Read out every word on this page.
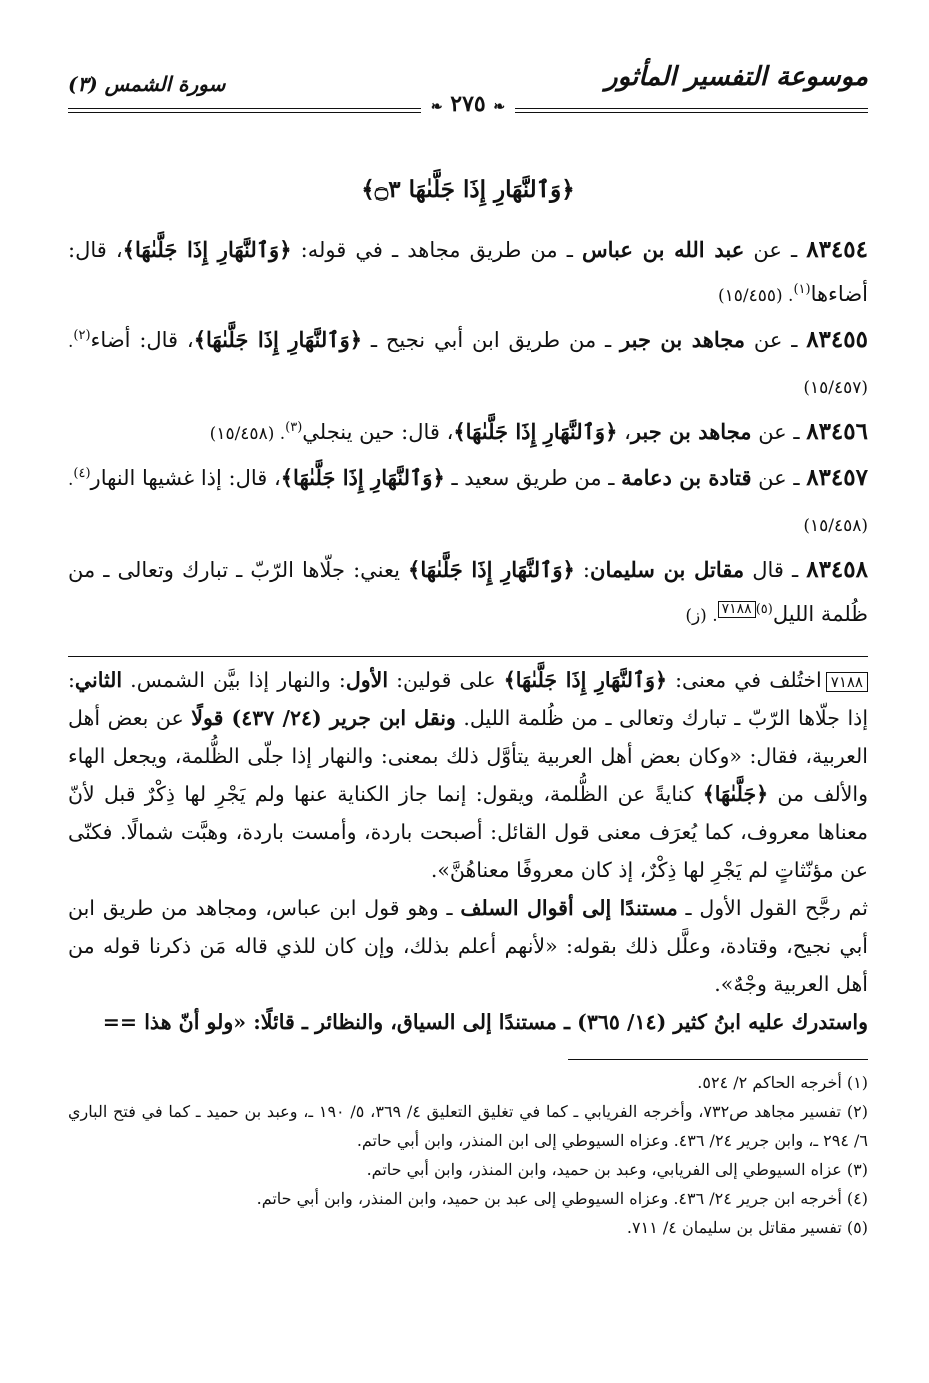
موسوعة التفسير المأثور
سورة الشمس (٣)
❧ ٢٧٥ ❧
﴿وَٱلنَّهَارِ إِذَا جَلَّىٰهَا ۝٣﴾

٨٣٤٥٤ ـ عن عبد الله بن عباس ـ من طريق مجاهد ـ في قوله: ﴿وَٱلنَّهَارِ إِذَا جَلَّىٰهَا﴾، قال: أضاءها$^{(١)}$. (١٥/٤٥٥)

٨٣٤٥٥ ـ عن مجاهد بن جبر ـ من طريق ابن أبي نجيح ـ ﴿وَٱلنَّهَارِ إِذَا جَلَّىٰهَا﴾، قال: أضاء$^{(٢)}$. (١٥/٤٥٧)

٨٣٤٥٦ ـ عن مجاهد بن جبر، ﴿وَٱلنَّهَارِ إِذَا جَلَّىٰهَا﴾، قال: حين ينجلي$^{(٣)}$. (١٥/٤٥٨)

٨٣٤٥٧ ـ عن قتادة بن دعامة ـ من طريق سعيد ـ ﴿وَٱلنَّهَارِ إِذَا جَلَّىٰهَا﴾، قال: إذا غشيها النهار$^{(٤)}$. (١٥/٤٥٨)

٨٣٤٥٨ ـ قال مقاتل بن سليمان: ﴿وَٱلنَّهَارِ إِذَا جَلَّىٰهَا﴾ يعني: جلّاها الرّبّ ـ تبارك وتعالى ـ من ظُلمة الليل$^{(٥)}$٧١٨٨. (ز)

٧١٨٨اختُلف في معنى: ﴿وَٱلنَّهَارِ إِذَا جَلَّىٰهَا﴾ على قولين: الأول: والنهار إذا بيَّن الشمس. الثاني: إذا جلّاها الرّبّ ـ تبارك وتعالى ـ من ظُلمة الليل. ونقل ابن جرير (٢٤/ ٤٣٧) قولًا عن بعض أهل العربية، فقال: «وكان بعض أهل العربية يتأوَّل ذلك بمعنى: والنهار إذا جلّى الظُّلمة، ويجعل الهاء والألف من ﴿جَلَّىٰهَا﴾ كنايةً عن الظُّلمة، ويقول: إنما جاز الكناية عنها ولم يَجْرِ لها ذِكْرٌ قبل لأنّ معناها معروف، كما يُعرَف معنى قول القائل: أصبحت باردة، وأمست باردة، وهبَّت شمالًا. فكنّى عن مؤنّثاتٍ لم يَجْرِ لها ذِكْرٌ، إذ كان معروفًا معناهُنَّ».

ثم رجَّح القول الأول ـ مستندًا إلى أقوال السلف ـ وهو قول ابن عباس، ومجاهد من طريق ابن أبي نجيح، وقتادة، وعلَّل ذلك بقوله: «لأنهم أعلم بذلك، وإن كان للذي قاله مَن ذكرنا قوله من أهل العربية وجْهٌ».

واستدرك عليه ابنُ كثير (١٤/ ٣٦٥) ـ مستندًا إلى السياق، والنظائر ـ قائلًا: «ولو أنّ هذا ==

(١) أخرجه الحاكم ٢/ ٥٢٤.

(٢) تفسير مجاهد ص٧٣٢، وأخرجه الفريابي ـ كما في تغليق التعليق ٤/ ٣٦٩، ٥/ ١٩٠ ـ، وعبد بن حميد ـ كما في فتح الباري ٦/ ٢٩٤ ـ، وابن جرير ٢٤/ ٤٣٦. وعزاه السيوطي إلى ابن المنذر، وابن أبي حاتم.

(٣) عزاه السيوطي إلى الفريابي، وعبد بن حميد، وابن المنذر، وابن أبي حاتم.

(٤) أخرجه ابن جرير ٢٤/ ٤٣٦. وعزاه السيوطي إلى عبد بن حميد، وابن المنذر، وابن أبي حاتم.

(٥) تفسير مقاتل بن سليمان ٤/ ٧١١.
